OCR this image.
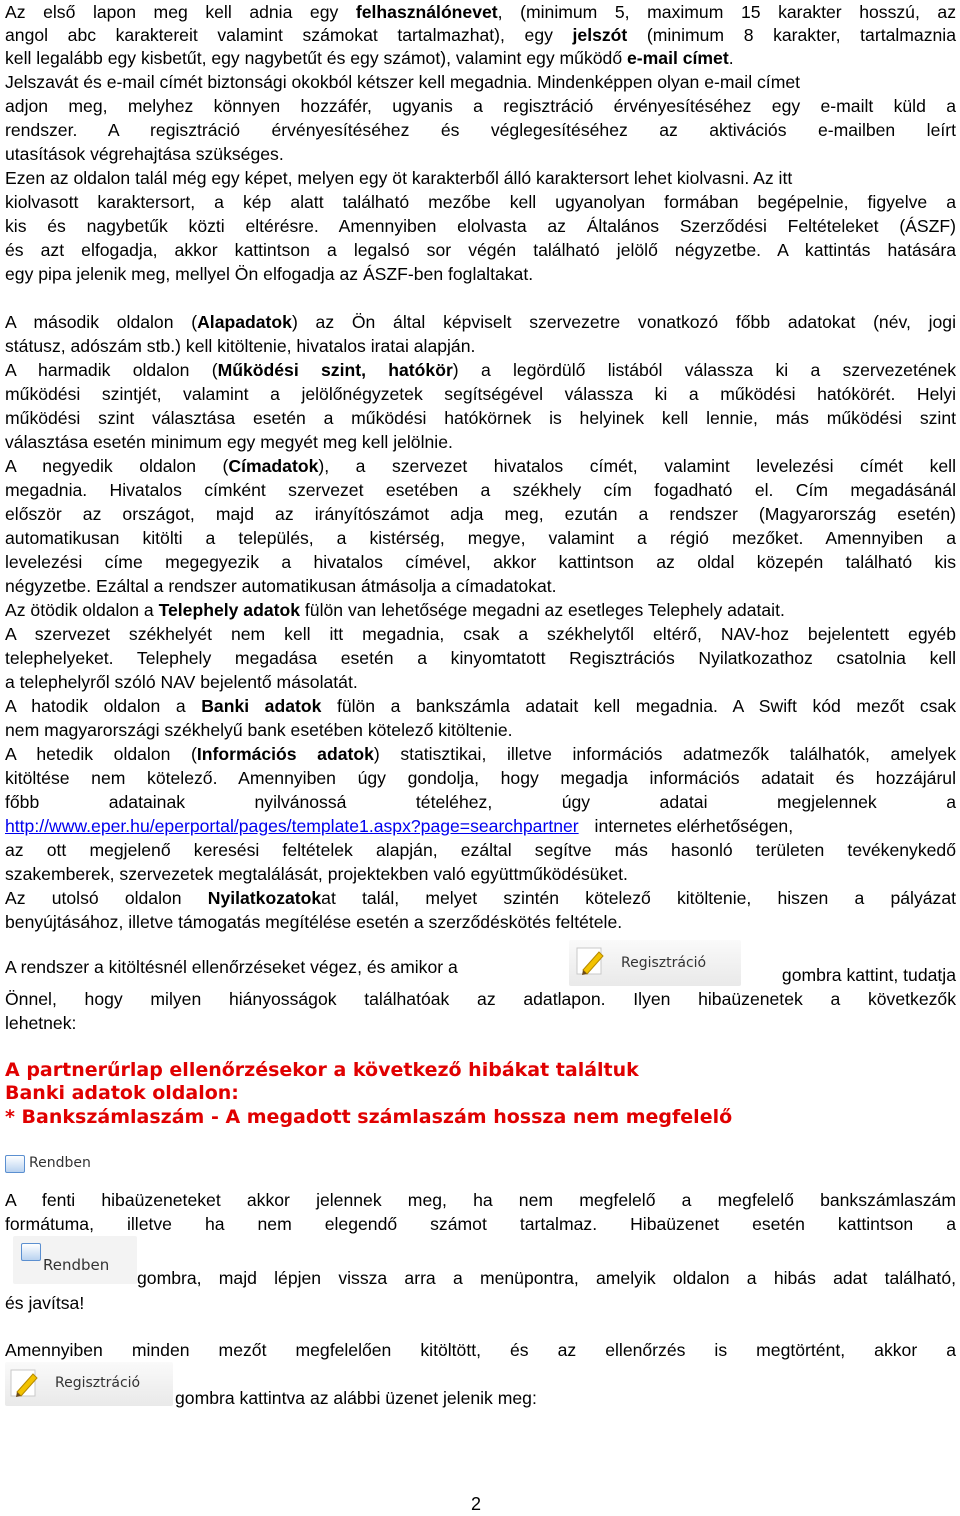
Az első lapon meg kell adnia egy felhasználónevet, (minimum 5, maximum 15 karakter hosszú, az
angol abc karaktereit valamint számokat tartalmazhat), egy jelszót (minimum 8 karakter, tartalmaznia
kell legalább egy kisbetűt, egy nagybetűt és egy számot), valamint egy működő e-mail címet.
Jelszavát és e-mail címét biztonsági okokból kétszer kell megadnia. Mindenképpen olyan e-mail címet
adjon meg, melyhez könnyen hozzáfér, ugyanis a regisztráció érvényesítéséhez egy e-mailt küld a
rendszer. A regisztráció érvényesítéséhez és véglegesítéséhez az aktivációs e-mailben leírt
utasítások végrehajtása szükséges.
Ezen az oldalon talál még egy képet, melyen egy öt karakterből álló karaktersort lehet kiolvasni. Az itt
kiolvasott karaktersort, a kép alatt található mezőbe kell ugyanolyan formában begépelnie, figyelve a
kis és nagybetűk közti eltérésre. Amennyiben elolvasta az Általános Szerződési Feltételeket (ÁSZF)
és azt elfogadja, akkor kattintson a legalsó sor végén található jelölő négyzetbe. A kattintás hatására
egy pipa jelenik meg, mellyel Ön elfogadja az ÁSZF-ben foglaltakat.
A második oldalon (Alapadatok) az Ön által képviselt szervezetre vonatkozó főbb adatokat (név, jogi
státusz, adószám stb.) kell kitöltenie, hivatalos iratai alapján.
A harmadik oldalon (Működési szint, hatókör) a legördülő listából válassza ki a szervezetének
működési szintjét, valamint a jelölőnégyzetek segítségével válassza ki a működési hatókörét. Helyi
működési szint választása esetén a működési hatókörnek is helyinek kell lennie, más működési szint
választása esetén minimum egy megyét meg kell jelölnie.
A negyedik oldalon (Címadatok), a szervezet hivatalos címét, valamint levelezési címét kell
megadnia. Hivatalos címként szervezet esetében a székhely cím fogadható el. Cím megadásánál
először az országot, majd az irányítószámot adja meg, ezután a rendszer (Magyarország esetén)
automatikusan kitölti a település, a kistérség, megye, valamint a régió mezőket. Amennyiben a
levelezési címe megegyezik a hivatalos címével, akkor kattintson az oldal közepén található kis
négyzetbe. Ezáltal a rendszer automatikusan átmásolja a címadatokat.
Az ötödik oldalon a Telephely adatok fülön van lehetősége megadni az esetleges Telephely adatait.
A szervezet székhelyét nem kell itt megadnia, csak a székhelytől eltérő, NAV-hoz bejelentett egyéb
telephelyeket. Telephely megadása esetén a kinyomtatott Regisztrációs Nyilatkozathoz csatolnia kell
a telephelyről szóló NAV bejelentő másolatát.
A hatodik oldalon a Banki adatok fülön a bankszámla adatait kell megadnia. A Swift kód mezőt csak
nem magyarországi székhelyű bank esetében kötelező kitöltenie.
A hetedik oldalon (Információs adatok) statisztikai, illetve információs adatmezők találhatók, amelyek
kitöltése nem kötelező. Amennyiben úgy gondolja, hogy megadja információs adatait és hozzájárul
főbb adatainak nyilvánossá tételéhez, úgy adatai megjelennek a
http://www.eper.hu/eperportal/pages/template1.aspx?page=searchpartner internetes elérhetőségen,
az ott megjelenő keresési feltételek alapján, ezáltal segítve más hasonló területen tevékenykedő
szakemberek, szervezetek megtalálását, projektekben való együttműködésüket.
Az utolsó oldalon Nyilatkozatokat talál, melyet szintén kötelező kitöltenie, hiszen a pályázat
benyújtásához, illetve támogatás megítélése esetén a szerződéskötés feltétele.
A rendszer a kitöltésnél ellenőrzéseket végez, és amikor a	Regisztráció
gombra kattint, tudatja
Önnel, hogy milyen hiányosságok találhatóak az adatlapon. Ilyen hibaüzenetek a következők
lehetnek:
A partnerűrlap ellenőrzésekor a következő hibákat találtuk
Banki adatok oldalon:
* Bankszámlaszám - A megadott számlaszám hossza nem megfelelő
Rendben
A fenti hibaüzeneteket akkor jelennek meg, ha nem megfelelő a megfelelő bankszámlaszám
formátuma, illetve ha nem elegendő számot tartalmaz. Hibaüzenet esetén kattintson a
Rendben
gombra, majd lépjen vissza arra a menüpontra, amelyik oldalon a hibás adat található,
és javítsa!
Amennyiben minden mezőt megfelelően kitöltött, és az ellenőrzés is megtörtént, akkor a
Regisztráció
gombra kattintva az alábbi üzenet jelenik meg:
2
